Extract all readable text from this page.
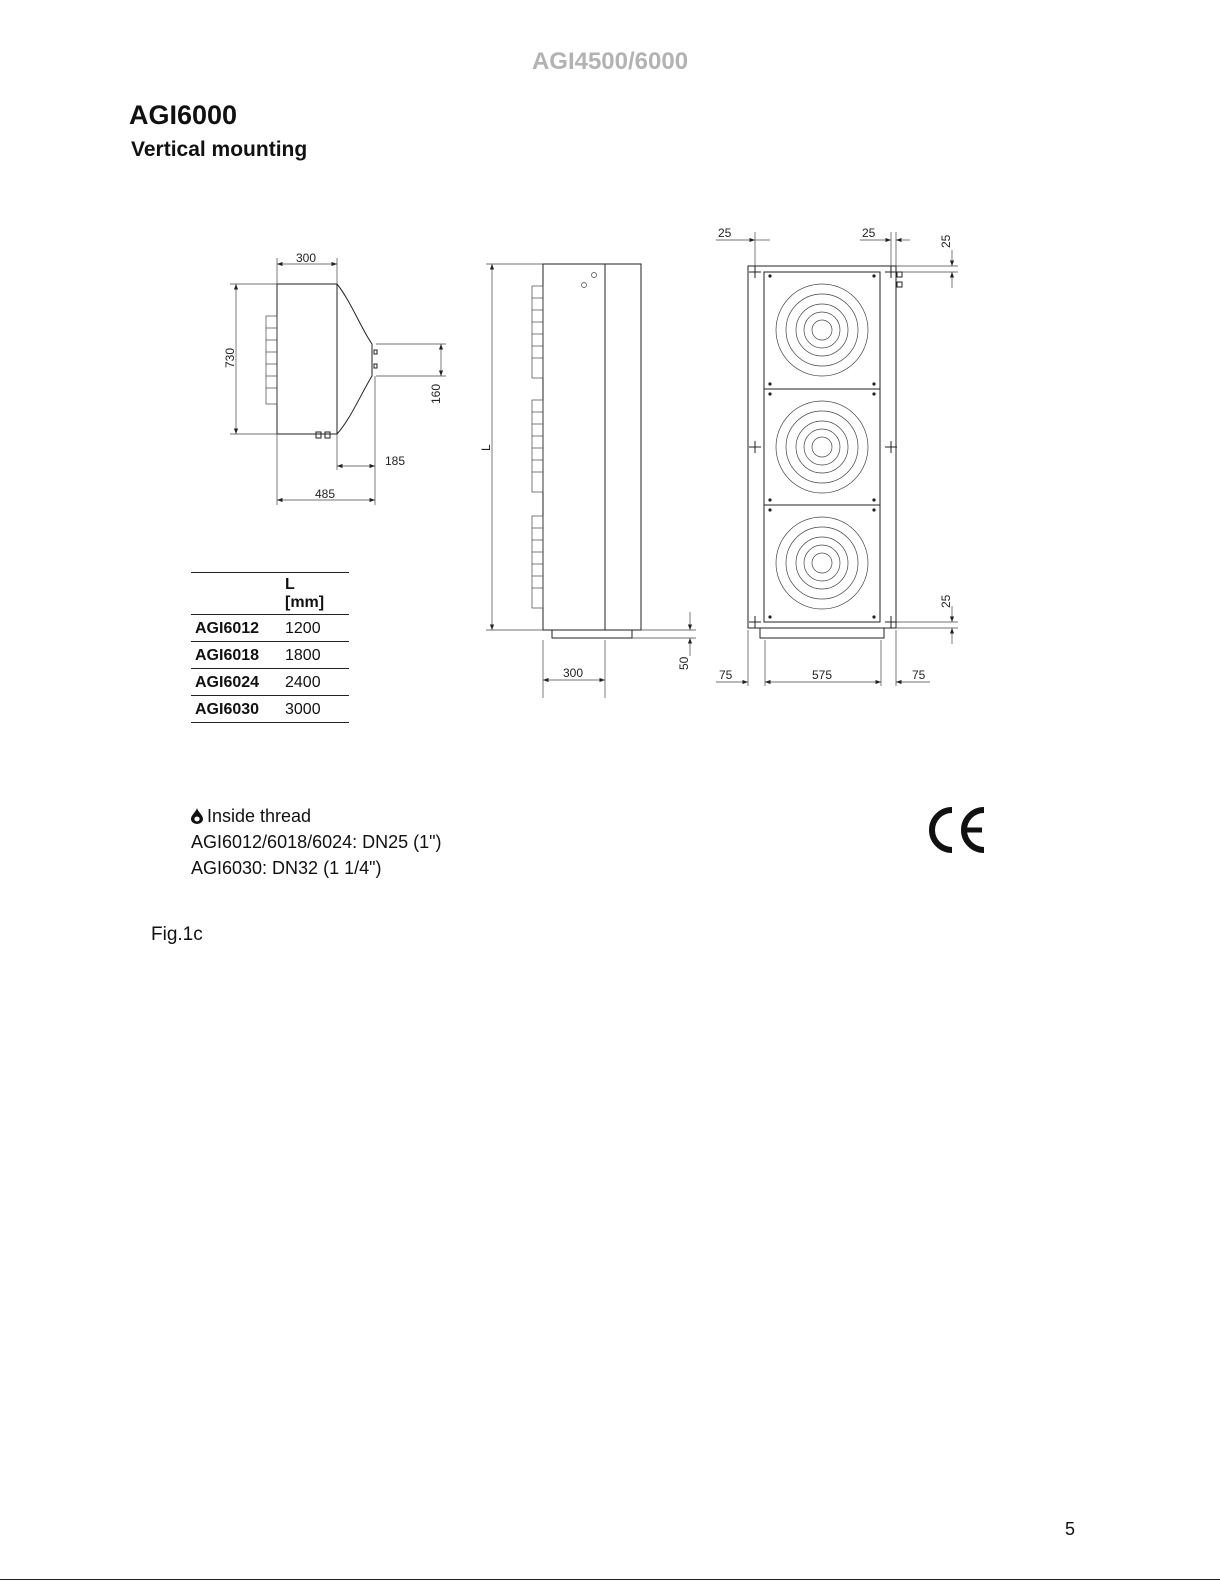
AGI4500/6000
AGI6000
Vertical mounting
300
730
160
185
485
L
300
50
25	25
25
25
75	575	75
	L
[mm]
AGI6012	1200
AGI6018	1800
AGI6024	2400
AGI6030	3000
Inside thread
AGI6012/6018/6024: DN25 (1")
AGI6030: DN32 (1 1/4")
Fig.1c
5
